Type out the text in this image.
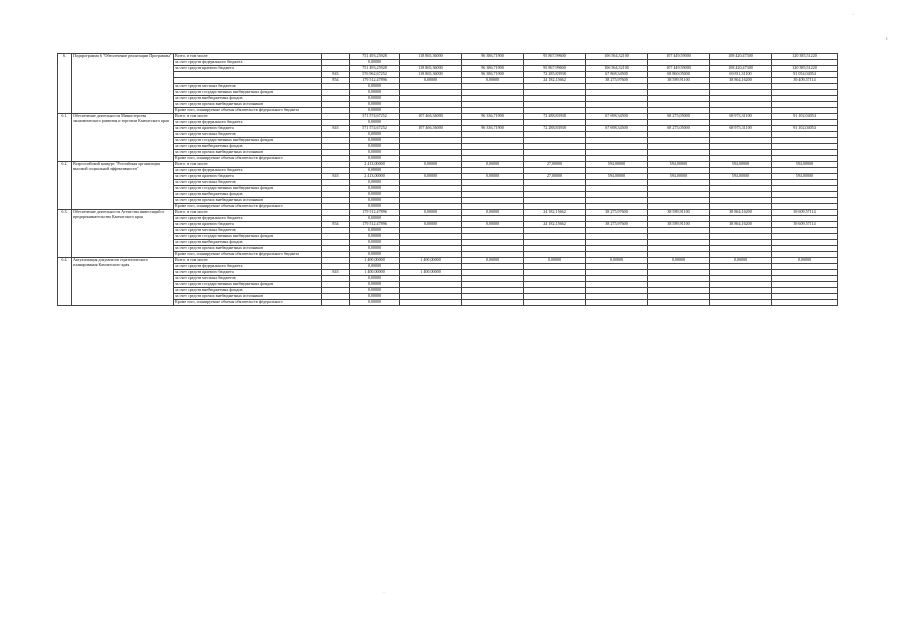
6.	Подпрограмма 6 "Обеспечение реализации Программы"	Всего, в том числе:		751 493,25928	118 865,36000	96 386,71900	95 867,99600	106 564,32100	107 449,59000	108 420,47300	120 385,51220
		за счет средств федерального бюджета		0,00000							
		за счет средств краевого бюджета		751 493,25928	118 865,36000	96 386,71900	95 867,99600	106 564,32100	107 449,59000	108 420,47300	120 385,51220
			843	576 962,67252	118 865,36000	96 386,71900	72 285,83938	67 868,34500	68 860,05000	69 811,31100	91 054,04054
			854	179 512,47896	0,00000	0,00000	24 182,15662	38 275,97600	38 589,91100	38 864,16200	39 409,57114
		за счет средств местных бюджетов		0,00000							
		за счет средств государственных внебюджетных фондов		0,00000							
		за счет средств внебюджетных фондов		0,00000							
		за счет средств прочих внебюджетных источников		0,00000							
		Кроме того, планируемые объемы обязательств федерального бюджета		0,00000							
6.1.	Обеспечение деятельности Министерства экономического развития и торговли Камчатского края	Всего, в том числе:		571 574,67252	107 466,36000	96 336,71900	72 288,83938	67 698,34500	68 275,05000	68 973,31100	91 102,04054
		за счет средств федерального бюджета		0,00000							
		за счет средств краевого бюджета	843	571 574,67252	107 466,36000	96 336,71900	72 288,83938	67 698,34500	68 275,05000	68 973,31100	91 102,04054
		за счет средств местных бюджетов		0,00000							
		за счет средств государственных внебюджетных фондов		0,00000							
		за счет средств внебюджетных фондов		0,00000							
		за счет средств прочих внебюджетных источников		0,00000							
		Кроме того, планируемые объемы обязательств федерального		0,00000							
6.2.	Всероссийский конкурс "Российская организация высокой социальной эффективности"	Всего, в том числе:		2 413,00000	0,00000	0,00000	27,00000	594,00000	594,00000	594,00000	594,00000
		за счет средств федерального бюджета		0,00000							
		за счет средств краевого бюджета	843	2 413,00000	0,00000	0,00000	27,00000	594,00000	594,00000	594,00000	594,00000
		за счет средств местных бюджетов		0,00000							
		за счет средств государственных внебюджетных фондов		0,00000							
		за счет средств внебюджетных фондов		0,00000							
		за счет средств прочих внебюджетных источников		0,00000							
		Кроме того, планируемые объемы обязательств федерального		0,00000							
6.3.	Обеспечение деятельности Агентства инвестиций и предпринимательства Камчатского края	Всего, в том числе:		179 512,47896	0,00000	0,00000	24 182,15662	38 275,97600	38 589,91100	38 864,16200	39 609,57114
		за счет средств федерального бюджета		0,00000							
		за счет средств краевого бюджета	854	179 512,47896	0,00000	0,00000	24 182,15662	38 275,97600	38 589,91100	38 864,16200	39 609,57114
		за счет средств местных бюджетов		0,00000							
		за счет средств государственных внебюджетных фондов		0,00000							
		за счет средств внебюджетных фондов		0,00000							
		за счет средств прочих внебюджетных источников		0,00000							
		Кроме того, планируемые объемы обязательств федерального бюджета		0,00000							
6.4.	Актуализация документов стратегического планирования Камчатского края	Всего, в том числе:		1 400,00000	1 400,00000	0,00000	0,00000	0,00000	0,00000	0,00000	0,00000
		за счет средств федерального бюджета		0,00000							
		за счет средств краевого бюджета	843	1 400,00000	1 400,00000						
		за счет средств местных бюджетов		0,00000							
		за счет средств государственных внебюджетных фондов		0,00000							
		за счет средств внебюджетных фондов		0,00000							
		за счет средств прочих внебюджетных источников		0,00000							
		Кроме того, планируемые объемы обязательств федерального		0,00000							
·
ı
·
